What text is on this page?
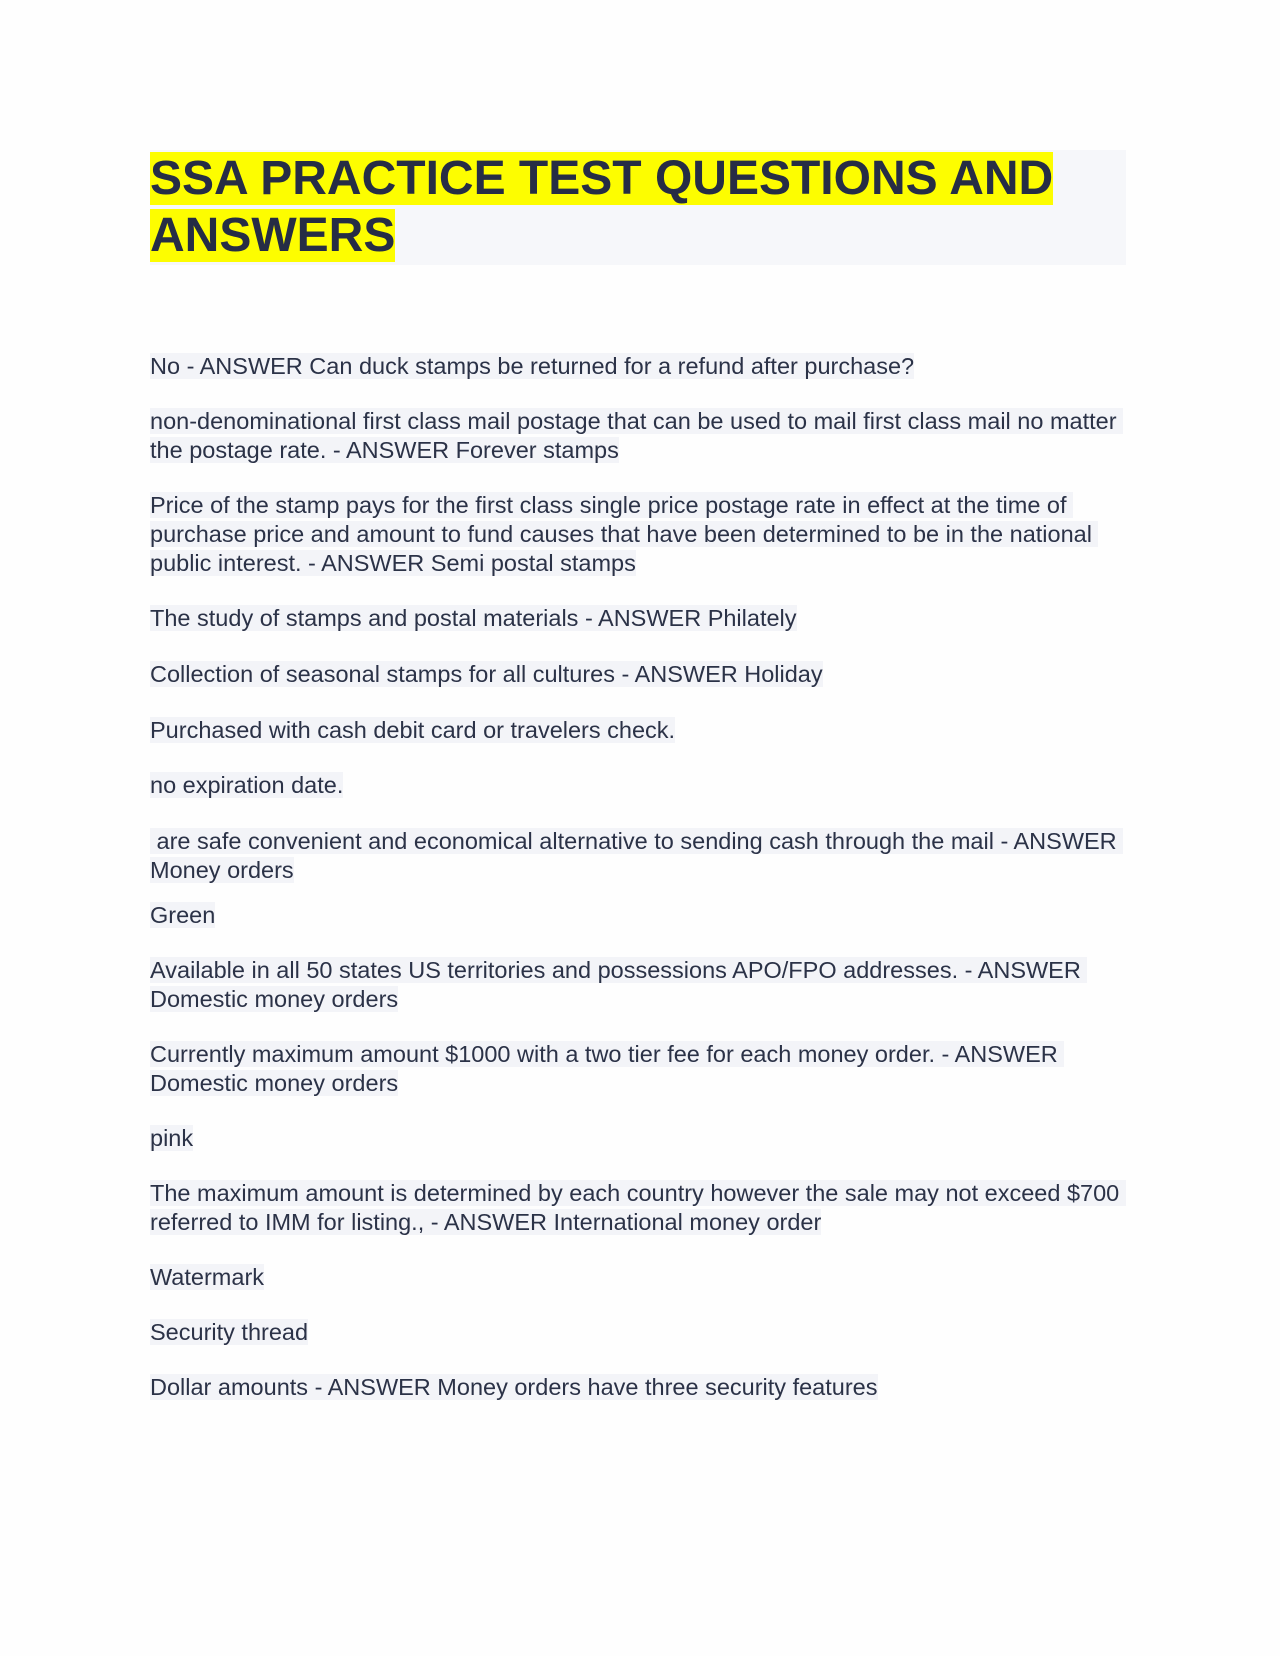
SSA PRACTICE TEST QUESTIONS AND
ANSWERS

No - ANSWER Can duck stamps be returned for a refund after purchase?

non-denominational first class mail postage that can be used to mail first class mail no matter the postage rate. - ANSWER Forever stamps

Price of the stamp pays for the first class single price postage rate in effect at the time of purchase price and amount to fund causes that have been determined to be in the national public interest. - ANSWER Semi postal stamps

The study of stamps and postal materials - ANSWER Philately

Collection of seasonal stamps for all cultures - ANSWER Holiday

Purchased with cash debit card or travelers check.

no expiration date.

are safe convenient and economical alternative to sending cash through the mail - ANSWER Money orders

Green

Available in all 50 states US territories and possessions APO/FPO addresses. - ANSWER Domestic money orders

Currently maximum amount $1000 with a two tier fee for each money order. - ANSWER Domestic money orders

pink

The maximum amount is determined by each country however the sale may not exceed $700 referred to IMM for listing., - ANSWER International money order

Watermark

Security thread

Dollar amounts - ANSWER Money orders have three security features
